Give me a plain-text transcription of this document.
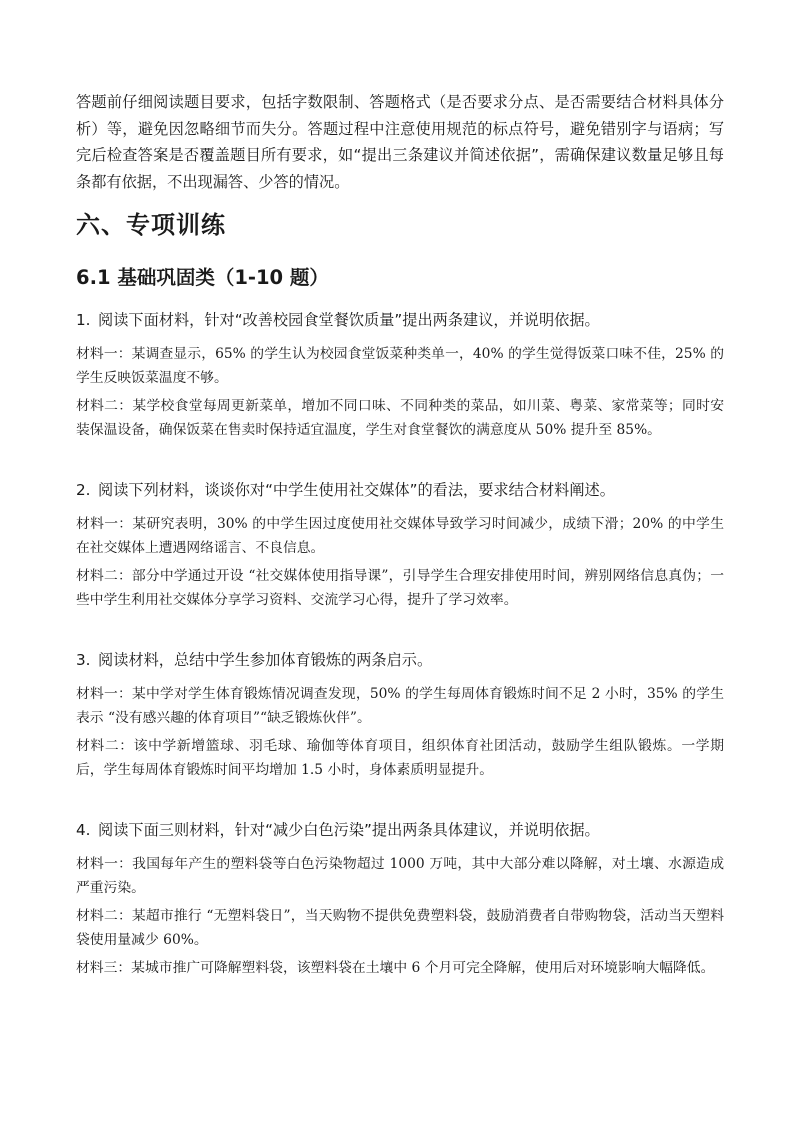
答题前仔细阅读题目要求，包括字数限制、答题格式（是否要求分点、是否需要结合材料具体分析）等，避免因忽略细节而失分。答题过程中注意使用规范的标点符号，避免错别字与语病；写完后检查答案是否覆盖题目所有要求，如“提出三条建议并简述依据”，需确保建议数量足够且每条都有依据，不出现漏答、少答的情况。

六、专项训练
6.1 基础巩固类（1-10 题）

1. 阅读下面材料，针对“改善校园食堂餐饮质量”提出两条建议，并说明依据。

材料一：某调查显示，65% 的学生认为校园食堂饭菜种类单一，40% 的学生觉得饭菜口味不佳，25% 的学生反映饭菜温度不够。

材料二：某学校食堂每周更新菜单，增加不同口味、不同种类的菜品，如川菜、粤菜、家常菜等；同时安装保温设备，确保饭菜在售卖时保持适宜温度，学生对食堂餐饮的满意度从 50% 提升至 85%。

2. 阅读下列材料，谈谈你对“中学生使用社交媒体”的看法，要求结合材料阐述。

材料一：某研究表明，30% 的中学生因过度使用社交媒体导致学习时间减少，成绩下滑；20% 的中学生在社交媒体上遭遇网络谣言、不良信息。

材料二：部分中学通过开设 “社交媒体使用指导课”，引导学生合理安排使用时间，辨别网络信息真伪；一些中学生利用社交媒体分享学习资料、交流学习心得，提升了学习效率。

3. 阅读材料，总结中学生参加体育锻炼的两条启示。

材料一：某中学对学生体育锻炼情况调查发现，50% 的学生每周体育锻炼时间不足 2 小时，35% 的学生表示 “没有感兴趣的体育项目”“缺乏锻炼伙伴”。

材料二：该中学新增篮球、羽毛球、瑜伽等体育项目，组织体育社团活动，鼓励学生组队锻炼。一学期后，学生每周体育锻炼时间平均增加 1.5 小时，身体素质明显提升。

4. 阅读下面三则材料，针对“减少白色污染”提出两条具体建议，并说明依据。

材料一：我国每年产生的塑料袋等白色污染物超过 1000 万吨，其中大部分难以降解，对土壤、水源造成严重污染。

材料二：某超市推行 “无塑料袋日”，当天购物不提供免费塑料袋，鼓励消费者自带购物袋，活动当天塑料袋使用量减少 60%。

材料三：某城市推广可降解塑料袋，该塑料袋在土壤中 6 个月可完全降解，使用后对环境影响大幅降低。
